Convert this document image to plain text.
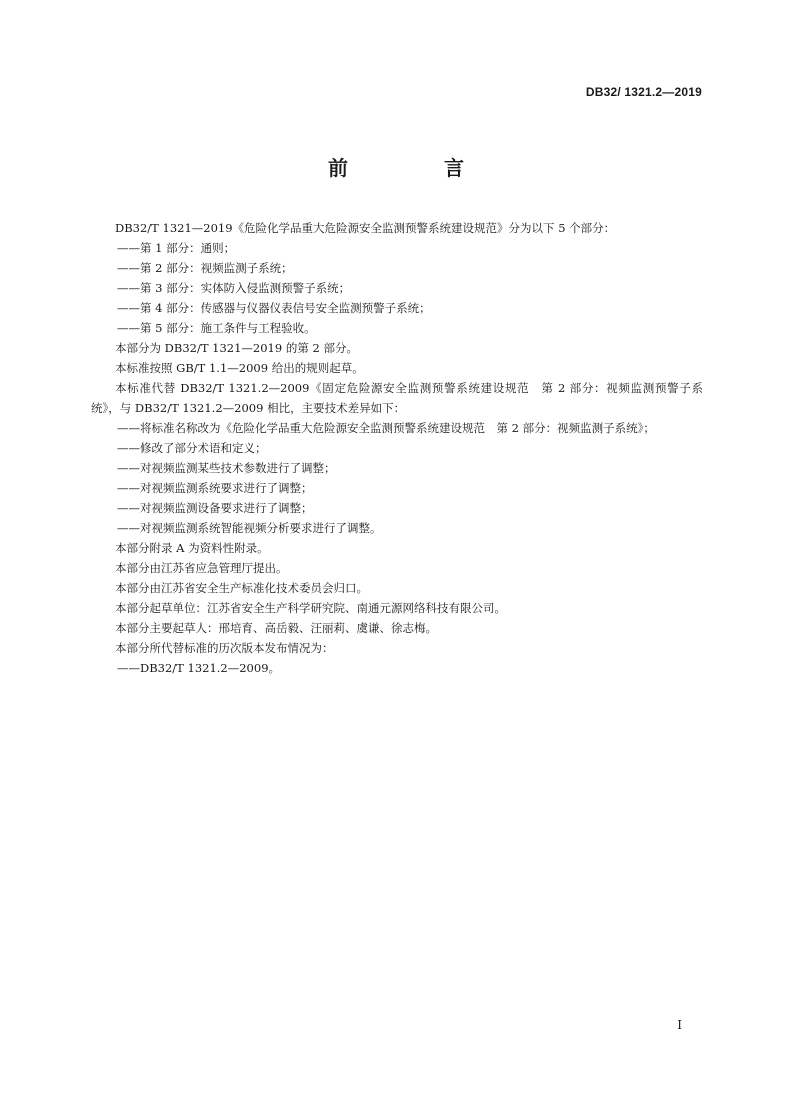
DB32/ 1321.2—2019
前　言

DB32/T 1321—2019《危险化学品重大危险源安全监测预警系统建设规范》分为以下 5 个部分：

——第 1 部分：通则；

——第 2 部分：视频监测子系统；

——第 3 部分：实体防入侵监测预警子系统；

——第 4 部分：传感器与仪器仪表信号安全监测预警子系统；

——第 5 部分：施工条件与工程验收。

本部分为 DB32/T 1321—2019 的第 2 部分。

本标准按照 GB/T 1.1—2009 给出的规则起草。

本标准代替 DB32/T 1321.2—2009《固定危险源安全监测预警系统建设规范　第 2 部分：视频监测预警子系统》，与 DB32/T 1321.2—2009 相比，主要技术差异如下：

——将标准名称改为《危险化学品重大危险源安全监测预警系统建设规范　第 2 部分：视频监测子系统》；

——修改了部分术语和定义；

——对视频监测某些技术参数进行了调整；

——对视频监测系统要求进行了调整；

——对视频监测设备要求进行了调整；

——对视频监测系统智能视频分析要求进行了调整。

本部分附录 A 为资料性附录。

本部分由江苏省应急管理厅提出。

本部分由江苏省安全生产标准化技术委员会归口。

本部分起草单位：江苏省安全生产科学研究院、南通元源网络科技有限公司。

本部分主要起草人：邢培育、高岳毅、汪丽莉、虞谦、徐志梅。

本部分所代替标准的历次版本发布情况为：

——DB32/T 1321.2—2009。

I
